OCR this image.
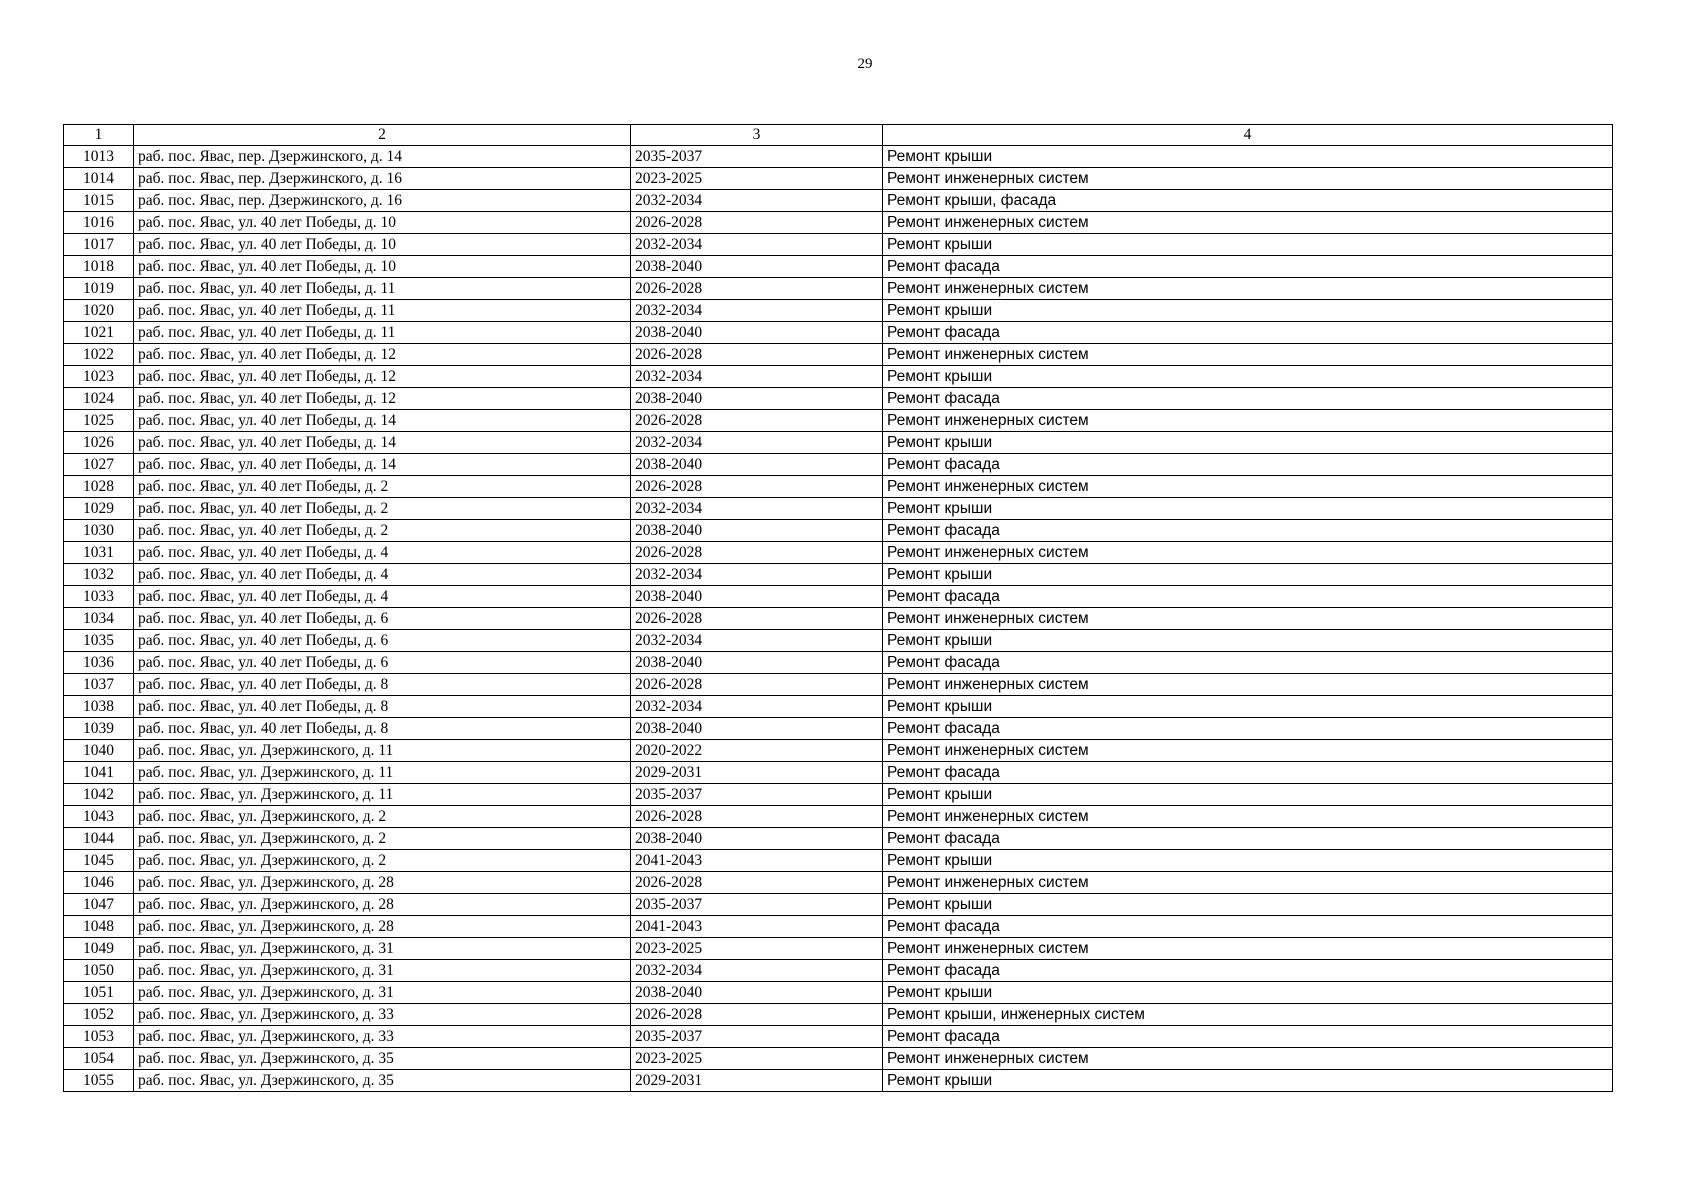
29
1	2	3	4
1013	раб. пос. Явас, пер. Дзержинского, д. 14	2035-2037	Ремонт крыши
1014	раб. пос. Явас, пер. Дзержинского, д. 16	2023-2025	Ремонт инженерных систем
1015	раб. пос. Явас, пер. Дзержинского, д. 16	2032-2034	Ремонт крыши, фасада
1016	раб. пос. Явас, ул. 40 лет Победы, д. 10	2026-2028	Ремонт инженерных систем
1017	раб. пос. Явас, ул. 40 лет Победы, д. 10	2032-2034	Ремонт крыши
1018	раб. пос. Явас, ул. 40 лет Победы, д. 10	2038-2040	Ремонт фасада
1019	раб. пос. Явас, ул. 40 лет Победы, д. 11	2026-2028	Ремонт инженерных систем
1020	раб. пос. Явас, ул. 40 лет Победы, д. 11	2032-2034	Ремонт крыши
1021	раб. пос. Явас, ул. 40 лет Победы, д. 11	2038-2040	Ремонт фасада
1022	раб. пос. Явас, ул. 40 лет Победы, д. 12	2026-2028	Ремонт инженерных систем
1023	раб. пос. Явас, ул. 40 лет Победы, д. 12	2032-2034	Ремонт крыши
1024	раб. пос. Явас, ул. 40 лет Победы, д. 12	2038-2040	Ремонт фасада
1025	раб. пос. Явас, ул. 40 лет Победы, д. 14	2026-2028	Ремонт инженерных систем
1026	раб. пос. Явас, ул. 40 лет Победы, д. 14	2032-2034	Ремонт крыши
1027	раб. пос. Явас, ул. 40 лет Победы, д. 14	2038-2040	Ремонт фасада
1028	раб. пос. Явас, ул. 40 лет Победы, д. 2	2026-2028	Ремонт инженерных систем
1029	раб. пос. Явас, ул. 40 лет Победы, д. 2	2032-2034	Ремонт крыши
1030	раб. пос. Явас, ул. 40 лет Победы, д. 2	2038-2040	Ремонт фасада
1031	раб. пос. Явас, ул. 40 лет Победы, д. 4	2026-2028	Ремонт инженерных систем
1032	раб. пос. Явас, ул. 40 лет Победы, д. 4	2032-2034	Ремонт крыши
1033	раб. пос. Явас, ул. 40 лет Победы, д. 4	2038-2040	Ремонт фасада
1034	раб. пос. Явас, ул. 40 лет Победы, д. 6	2026-2028	Ремонт инженерных систем
1035	раб. пос. Явас, ул. 40 лет Победы, д. 6	2032-2034	Ремонт крыши
1036	раб. пос. Явас, ул. 40 лет Победы, д. 6	2038-2040	Ремонт фасада
1037	раб. пос. Явас, ул. 40 лет Победы, д. 8	2026-2028	Ремонт инженерных систем
1038	раб. пос. Явас, ул. 40 лет Победы, д. 8	2032-2034	Ремонт крыши
1039	раб. пос. Явас, ул. 40 лет Победы, д. 8	2038-2040	Ремонт фасада
1040	раб. пос. Явас, ул. Дзержинского, д. 11	2020-2022	Ремонт инженерных систем
1041	раб. пос. Явас, ул. Дзержинского, д. 11	2029-2031	Ремонт фасада
1042	раб. пос. Явас, ул. Дзержинского, д. 11	2035-2037	Ремонт крыши
1043	раб. пос. Явас, ул. Дзержинского, д. 2	2026-2028	Ремонт инженерных систем
1044	раб. пос. Явас, ул. Дзержинского, д. 2	2038-2040	Ремонт фасада
1045	раб. пос. Явас, ул. Дзержинского, д. 2	2041-2043	Ремонт крыши
1046	раб. пос. Явас, ул. Дзержинского, д. 28	2026-2028	Ремонт инженерных систем
1047	раб. пос. Явас, ул. Дзержинского, д. 28	2035-2037	Ремонт крыши
1048	раб. пос. Явас, ул. Дзержинского, д. 28	2041-2043	Ремонт фасада
1049	раб. пос. Явас, ул. Дзержинского, д. 31	2023-2025	Ремонт инженерных систем
1050	раб. пос. Явас, ул. Дзержинского, д. 31	2032-2034	Ремонт фасада
1051	раб. пос. Явас, ул. Дзержинского, д. 31	2038-2040	Ремонт крыши
1052	раб. пос. Явас, ул. Дзержинского, д. 33	2026-2028	Ремонт крыши, инженерных систем
1053	раб. пос. Явас, ул. Дзержинского, д. 33	2035-2037	Ремонт фасада
1054	раб. пос. Явас, ул. Дзержинского, д. 35	2023-2025	Ремонт инженерных систем
1055	раб. пос. Явас, ул. Дзержинского, д. 35	2029-2031	Ремонт крыши
